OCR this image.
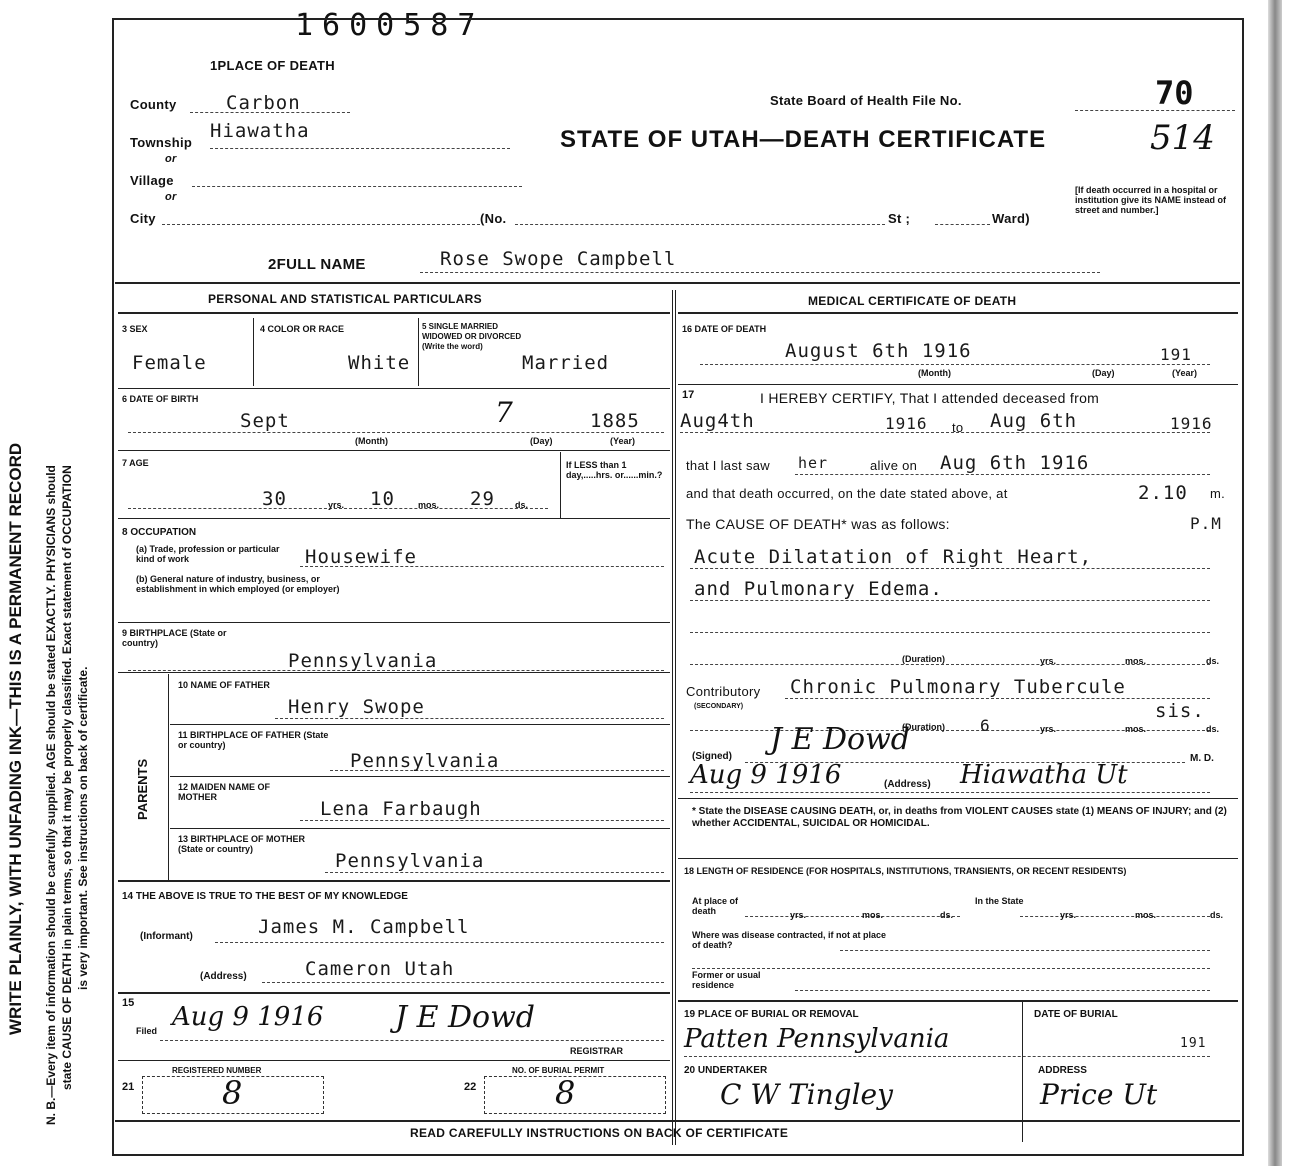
WRITE PLAINLY, WITH UNFADING INK—THIS IS A PERMANENT RECORD N. B.—Every item of information should be carefully supplied. AGE should be stated EXACTLY. PHYSICIANS should state CAUSE OF DEATH in plain terms, so that it may be properly classified. Exact statement of OCCUPATION is very important. See instructions on back of certificate.
1600587
1PLACE OF DEATH
County	Carbon	State Board of Health File No.	70
Township
Hiawatha	STATE OF UTAH—DEATH CERTIFICATE	514
or
Village
or
City	(No.	St ;	Ward)
[If death occurred in a hospital or institution give its NAME instead of street and number.]
2FULL NAME	Rose Swope Campbell
PERSONAL AND STATISTICAL PARTICULARS
3 SEX
Female
4 COLOR OR RACE
White
5 SINGLE MARRIED WIDOWED OR DIVORCED (Write the word)
Married
6 DATE OF BIRTH
Sept
(Month)
7
(Day)
1885
(Year)
7 AGE
30	yrs. 10	mos. 29 ds.
If LESS than 1 day,.....hrs. or......min.?
8 OCCUPATION
(a) Trade, profession or particular kind of work	Housewife
(b) General nature of industry, business, or establishment in which employed (or employer)
9 BIRTHPLACE (State or country)
Pennsylvania
PARENTS
10 NAME OF FATHER
Henry Swope
11 BIRTHPLACE OF FATHER (State or country)
Pennsylvania
12 MAIDEN NAME OF MOTHER
Lena Farbaugh
13 BIRTHPLACE OF MOTHER (State or country)
Pennsylvania
14 THE ABOVE IS TRUE TO THE BEST OF MY KNOWLEDGE
(Informant)	James M. Campbell
(Address)	Cameron Utah
15
Filed Aug 9 1916 J E Dowd
REGISTRAR
REGISTERED NUMBER
21	8
NO. OF BURIAL PERMIT
22 8
MEDICAL CERTIFICATE OF DEATH
16 DATE OF DEATH
August 6th 1916	191
(Month)	(Day)	(Year)
17	I HEREBY CERTIFY, That I attended deceased from
Aug4th	1916 to Aug 6th	1916
that I last saw her	alive on Aug 6th 1916
and that death occurred, on the date stated above, at	2.10 m.
The CAUSE OF DEATH* was as follows:	P.M
Acute Dilatation of Right Heart,
and Pulmonary Edema.
(Duration)	yrs.	mos.	ds.
Contributory
(SECONDARY)
Chronic Pulmonary Tubercule
sis.
(Duration) 6	yrs.	mos.	ds.
(Signed) J E Dowd
M. D.
Aug 9 1916	(Address) Hiawatha Ut
* State the DISEASE CAUSING DEATH, or, in deaths from VIOLENT CAUSES state (1) MEANS OF INJURY; and (2) whether ACCIDENTAL, SUICIDAL OR HOMICIDAL.
18 LENGTH OF RESIDENCE (FOR HOSPITALS, INSTITUTIONS, TRANSIENTS, OR RECENT RESIDENTS)
At place of death	yrs.	mos.	ds.
In the State
yrs.	mos.	ds.
Where was disease contracted, if not at place of death?
Former or usual residence
19 PLACE OF BURIAL OR REMOVAL
Patten Pennsylvania
DATE OF BURIAL
191
20 UNDERTAKER
C W Tingley
ADDRESS
Price Ut
READ CAREFULLY INSTRUCTIONS ON BACK OF CERTIFICATE
